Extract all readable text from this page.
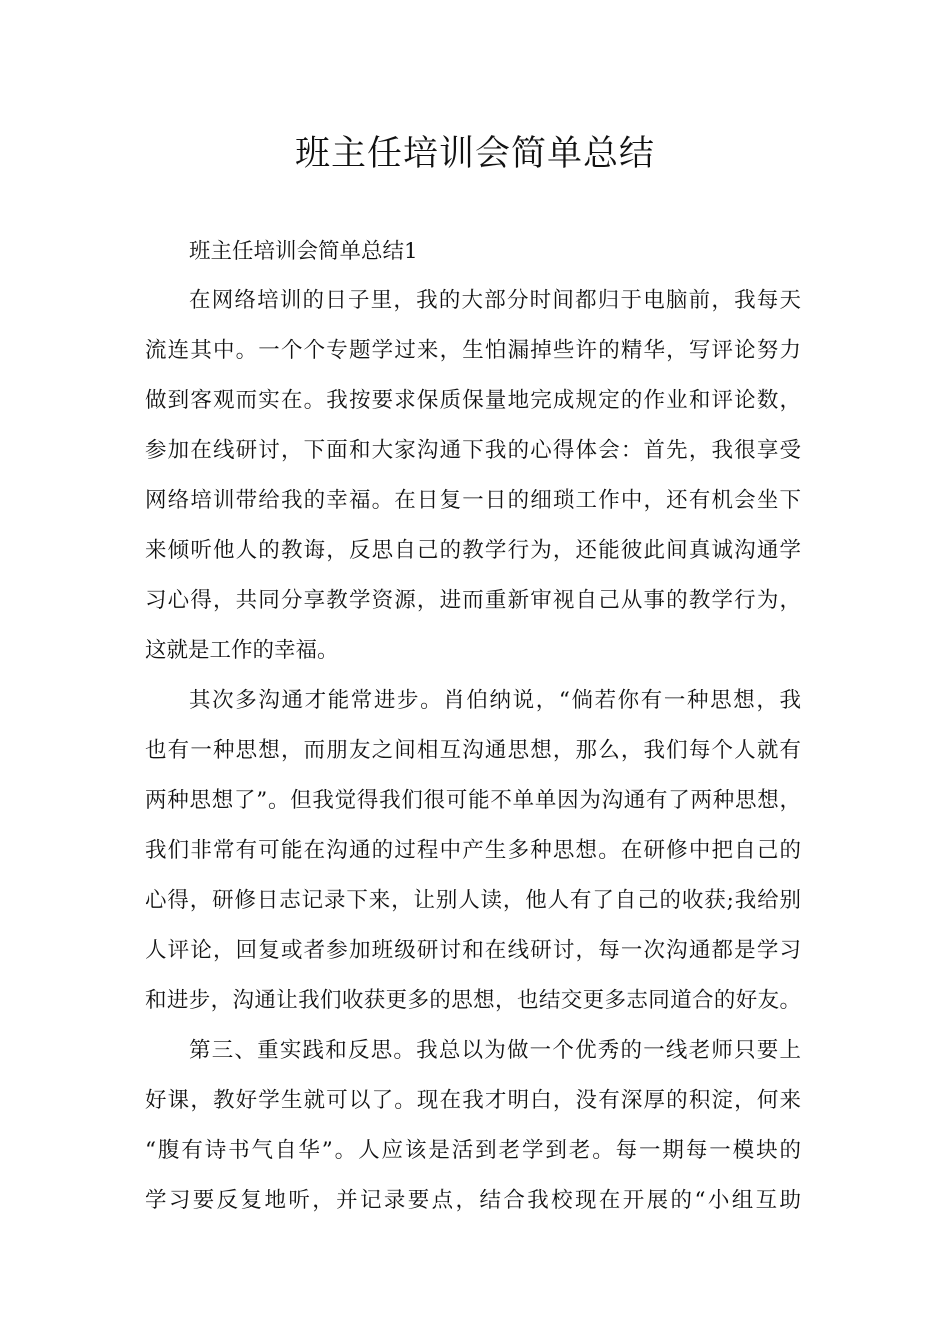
班主任培训会简单总结
班主任培训会简单总结1
在网络培训的日子里，我的大部分时间都归于电脑前，我每天
流连其中。一个个专题学过来，生怕漏掉些许的精华，写评论努力
做到客观而实在。我按要求保质保量地完成规定的作业和评论数，
参加在线研讨，下面和大家沟通下我的心得体会：首先，我很享受
网络培训带给我的幸福。在日复一日的细琐工作中，还有机会坐下
来倾听他人的教诲，反思自己的教学行为，还能彼此间真诚沟通学
习心得，共同分享教学资源，进而重新审视自己从事的教学行为，
这就是工作的幸福。
其次多沟通才能常进步。肖伯纳说，“倘若你有一种思想，我
也有一种思想，而朋友之间相互沟通思想，那么，我们每个人就有
两种思想了”。但我觉得我们很可能不单单因为沟通有了两种思想，
我们非常有可能在沟通的过程中产生多种思想。在研修中把自己的
心得，研修日志记录下来，让别人读，他人有了自己的收获;我给别
人评论，回复或者参加班级研讨和在线研讨，每一次沟通都是学习
和进步，沟通让我们收获更多的思想，也结交更多志同道合的好友。
第三、重实践和反思。我总以为做一个优秀的一线老师只要上
好课，教好学生就可以了。现在我才明白，没有深厚的积淀，何来
“腹有诗书气自华”。人应该是活到老学到老。每一期每一模块的
学习要反复地听，并记录要点，结合我校现在开展的“小组互助
